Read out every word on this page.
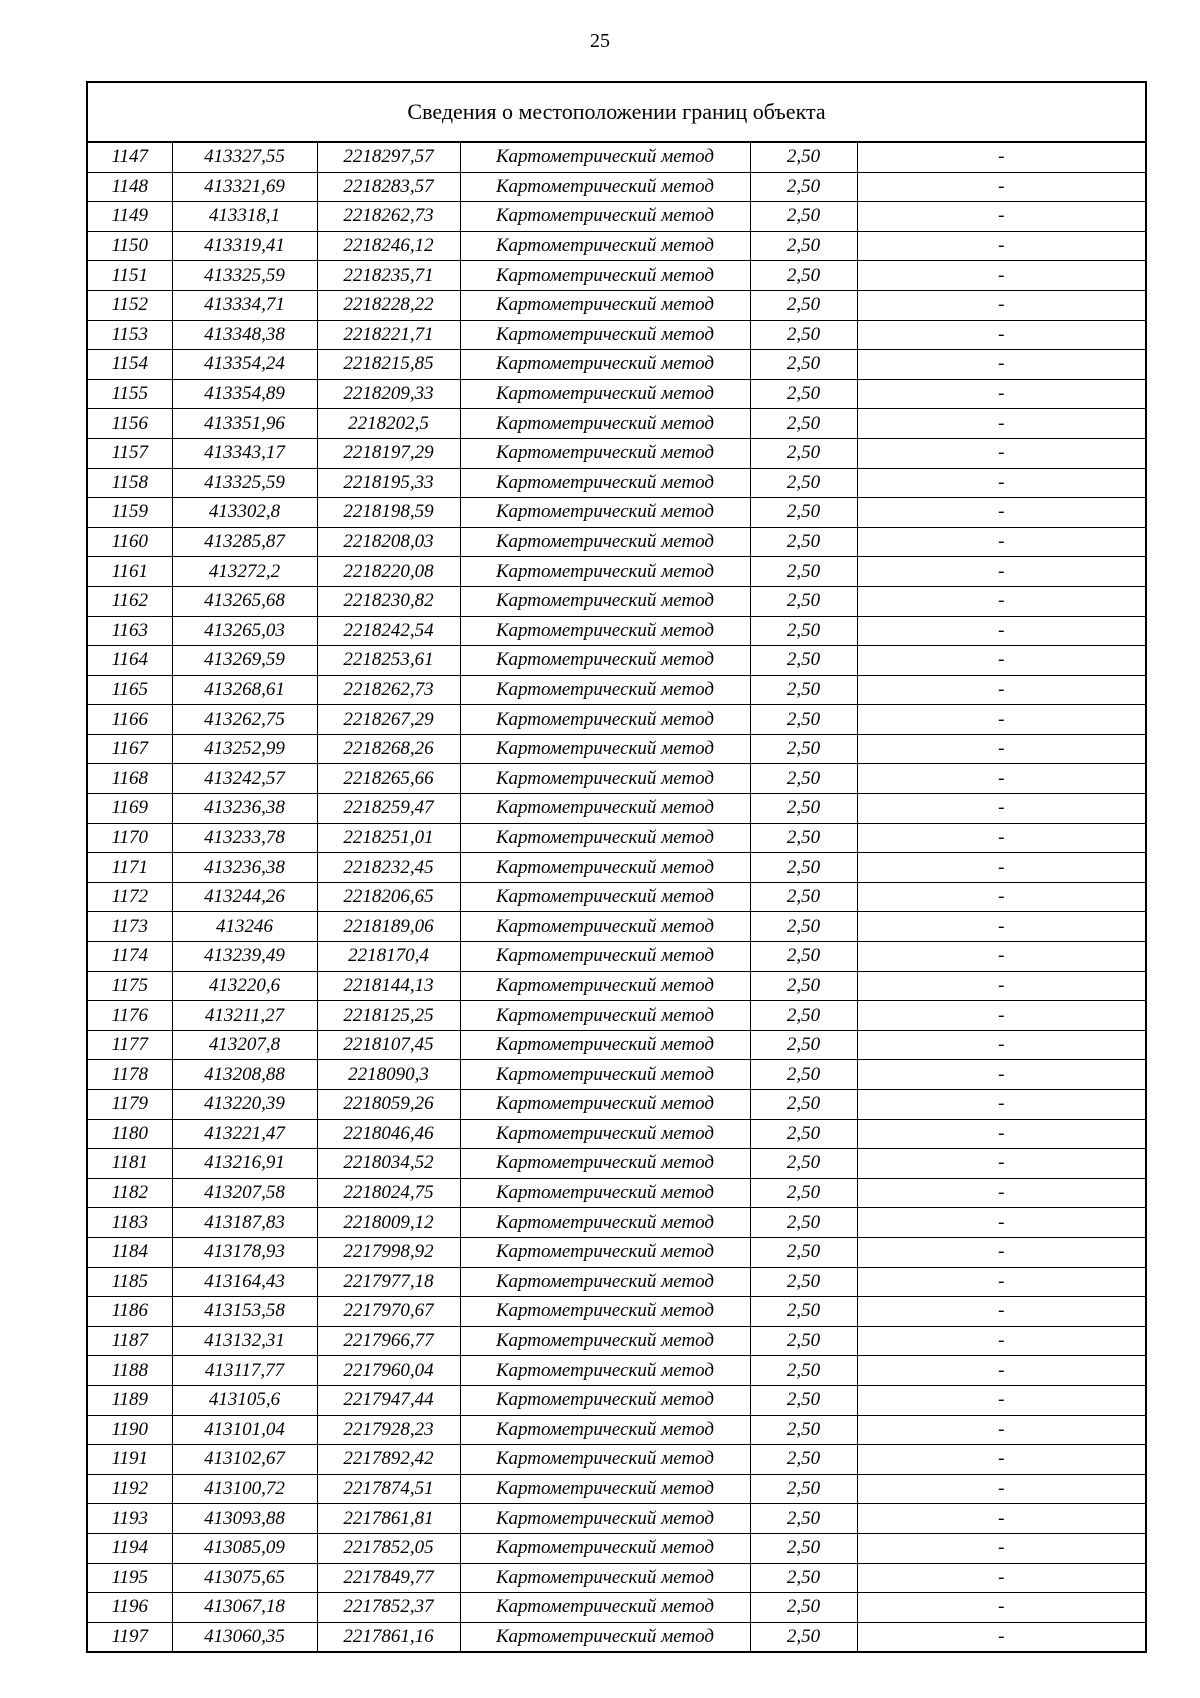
25
Сведения о местоположении границ объекта					
1147	413327,55	2218297,57	Картометрический метод	2,50	-
1148	413321,69	2218283,57	Картометрический метод	2,50	-
1149	413318,1	2218262,73	Картометрический метод	2,50	-
1150	413319,41	2218246,12	Картометрический метод	2,50	-
1151	413325,59	2218235,71	Картометрический метод	2,50	-
1152	413334,71	2218228,22	Картометрический метод	2,50	-
1153	413348,38	2218221,71	Картометрический метод	2,50	-
1154	413354,24	2218215,85	Картометрический метод	2,50	-
1155	413354,89	2218209,33	Картометрический метод	2,50	-
1156	413351,96	2218202,5	Картометрический метод	2,50	-
1157	413343,17	2218197,29	Картометрический метод	2,50	-
1158	413325,59	2218195,33	Картометрический метод	2,50	-
1159	413302,8	2218198,59	Картометрический метод	2,50	-
1160	413285,87	2218208,03	Картометрический метод	2,50	-
1161	413272,2	2218220,08	Картометрический метод	2,50	-
1162	413265,68	2218230,82	Картометрический метод	2,50	-
1163	413265,03	2218242,54	Картометрический метод	2,50	-
1164	413269,59	2218253,61	Картометрический метод	2,50	-
1165	413268,61	2218262,73	Картометрический метод	2,50	-
1166	413262,75	2218267,29	Картометрический метод	2,50	-
1167	413252,99	2218268,26	Картометрический метод	2,50	-
1168	413242,57	2218265,66	Картометрический метод	2,50	-
1169	413236,38	2218259,47	Картометрический метод	2,50	-
1170	413233,78	2218251,01	Картометрический метод	2,50	-
1171	413236,38	2218232,45	Картометрический метод	2,50	-
1172	413244,26	2218206,65	Картометрический метод	2,50	-
1173	413246	2218189,06	Картометрический метод	2,50	-
1174	413239,49	2218170,4	Картометрический метод	2,50	-
1175	413220,6	2218144,13	Картометрический метод	2,50	-
1176	413211,27	2218125,25	Картометрический метод	2,50	-
1177	413207,8	2218107,45	Картометрический метод	2,50	-
1178	413208,88	2218090,3	Картометрический метод	2,50	-
1179	413220,39	2218059,26	Картометрический метод	2,50	-
1180	413221,47	2218046,46	Картометрический метод	2,50	-
1181	413216,91	2218034,52	Картометрический метод	2,50	-
1182	413207,58	2218024,75	Картометрический метод	2,50	-
1183	413187,83	2218009,12	Картометрический метод	2,50	-
1184	413178,93	2217998,92	Картометрический метод	2,50	-
1185	413164,43	2217977,18	Картометрический метод	2,50	-
1186	413153,58	2217970,67	Картометрический метод	2,50	-
1187	413132,31	2217966,77	Картометрический метод	2,50	-
1188	413117,77	2217960,04	Картометрический метод	2,50	-
1189	413105,6	2217947,44	Картометрический метод	2,50	-
1190	413101,04	2217928,23	Картометрический метод	2,50	-
1191	413102,67	2217892,42	Картометрический метод	2,50	-
1192	413100,72	2217874,51	Картометрический метод	2,50	-
1193	413093,88	2217861,81	Картометрический метод	2,50	-
1194	413085,09	2217852,05	Картометрический метод	2,50	-
1195	413075,65	2217849,77	Картометрический метод	2,50	-
1196	413067,18	2217852,37	Картометрический метод	2,50	-
1197	413060,35	2217861,16	Картометрический метод	2,50	-
